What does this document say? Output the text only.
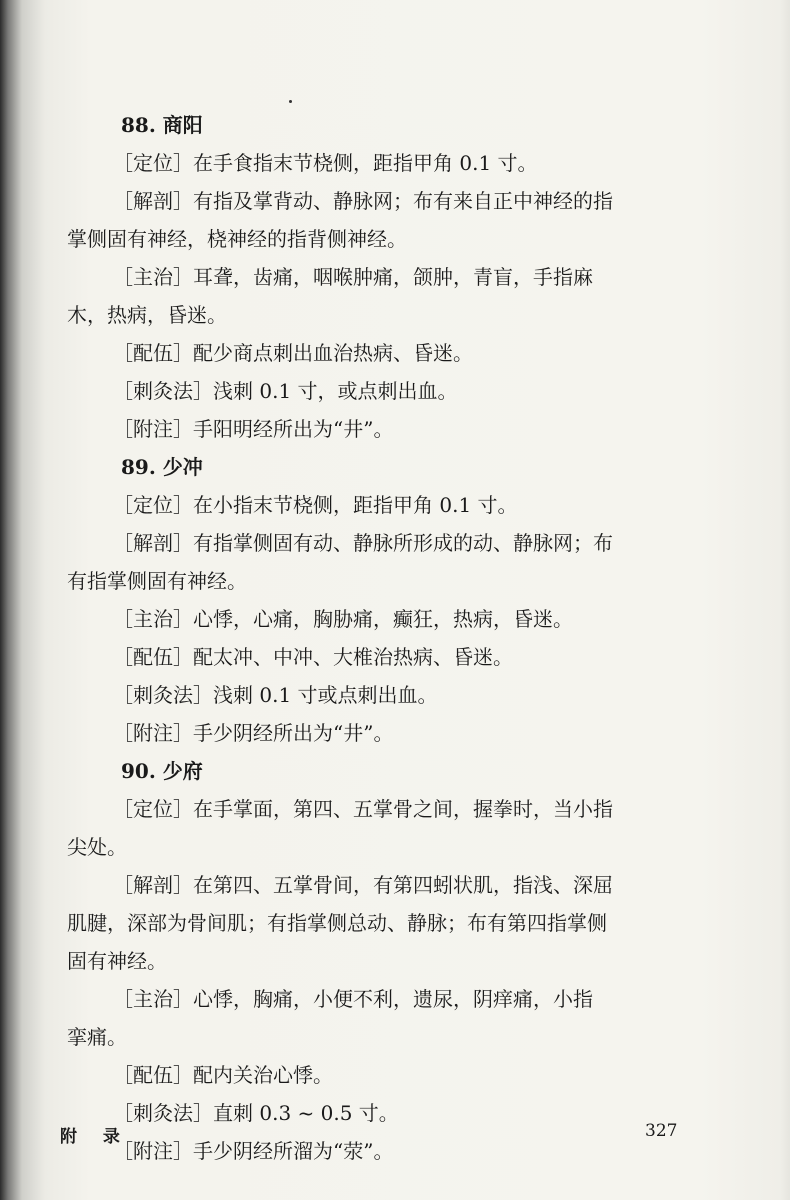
88. 商阳
［定位］在手食指末节桡侧，距指甲角 0.1 寸。
［解剖］有指及掌背动、静脉网；布有来自正中神经的指
掌侧固有神经，桡神经的指背侧神经。
［主治］耳聋，齿痛，咽喉肿痛，颌肿，青盲，手指麻
木，热病，昏迷。
［配伍］配少商点刺出血治热病、昏迷。
［刺灸法］浅刺 0.1 寸，或点刺出血。
［附注］手阳明经所出为“井”。
89. 少冲
［定位］在小指末节桡侧，距指甲角 0.1 寸。
［解剖］有指掌侧固有动、静脉所形成的动、静脉网；布
有指掌侧固有神经。
［主治］心悸，心痛，胸胁痛，癫狂，热病，昏迷。
［配伍］配太冲、中冲、大椎治热病、昏迷。
［刺灸法］浅刺 0.1 寸或点刺出血。
［附注］手少阴经所出为“井”。
90. 少府
［定位］在手掌面，第四、五掌骨之间，握拳时，当小指
尖处。
［解剖］在第四、五掌骨间，有第四蚓状肌，指浅、深屈
肌腱，深部为骨间肌；有指掌侧总动、静脉；布有第四指掌侧
固有神经。
［主治］心悸，胸痛，小便不利，遗尿，阴痒痛，小指
挛痛。
［配伍］配内关治心悸。
［刺灸法］直刺 0.3 ~ 0.5 寸。
［附注］手少阴经所溜为“荥”。
附 录	327
